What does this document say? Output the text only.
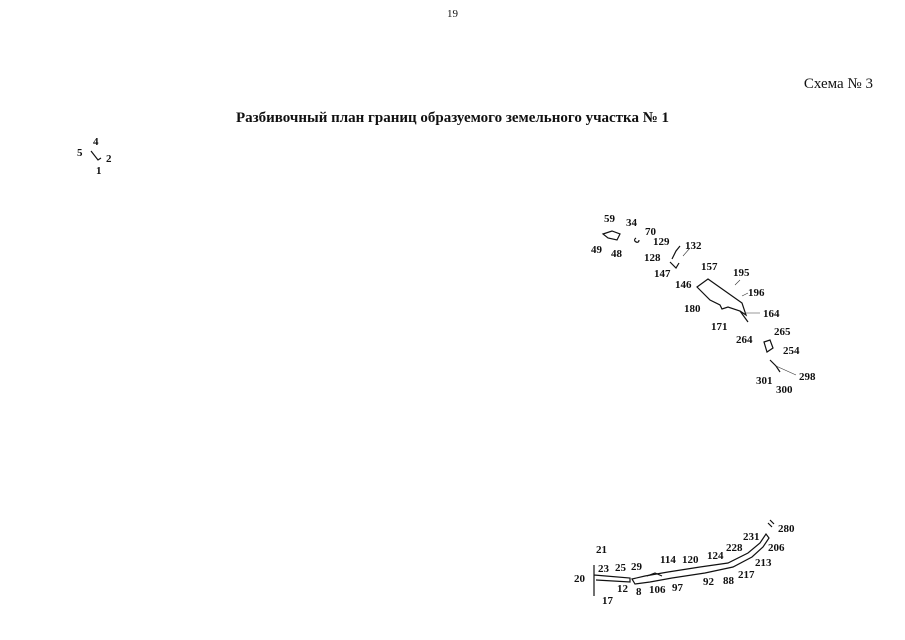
19
Схема № 3
Разбивочный план границ образуемого земельного участка № 1
4
5 2
1
59 34
70
129 132
49 48 128
157
147
146
195
196
180	164
171	265
264
254
298
301
300
280
231
228 206
124
213
114 120
217
21
23 25 29
92 88
20
12 8 106 97
17
